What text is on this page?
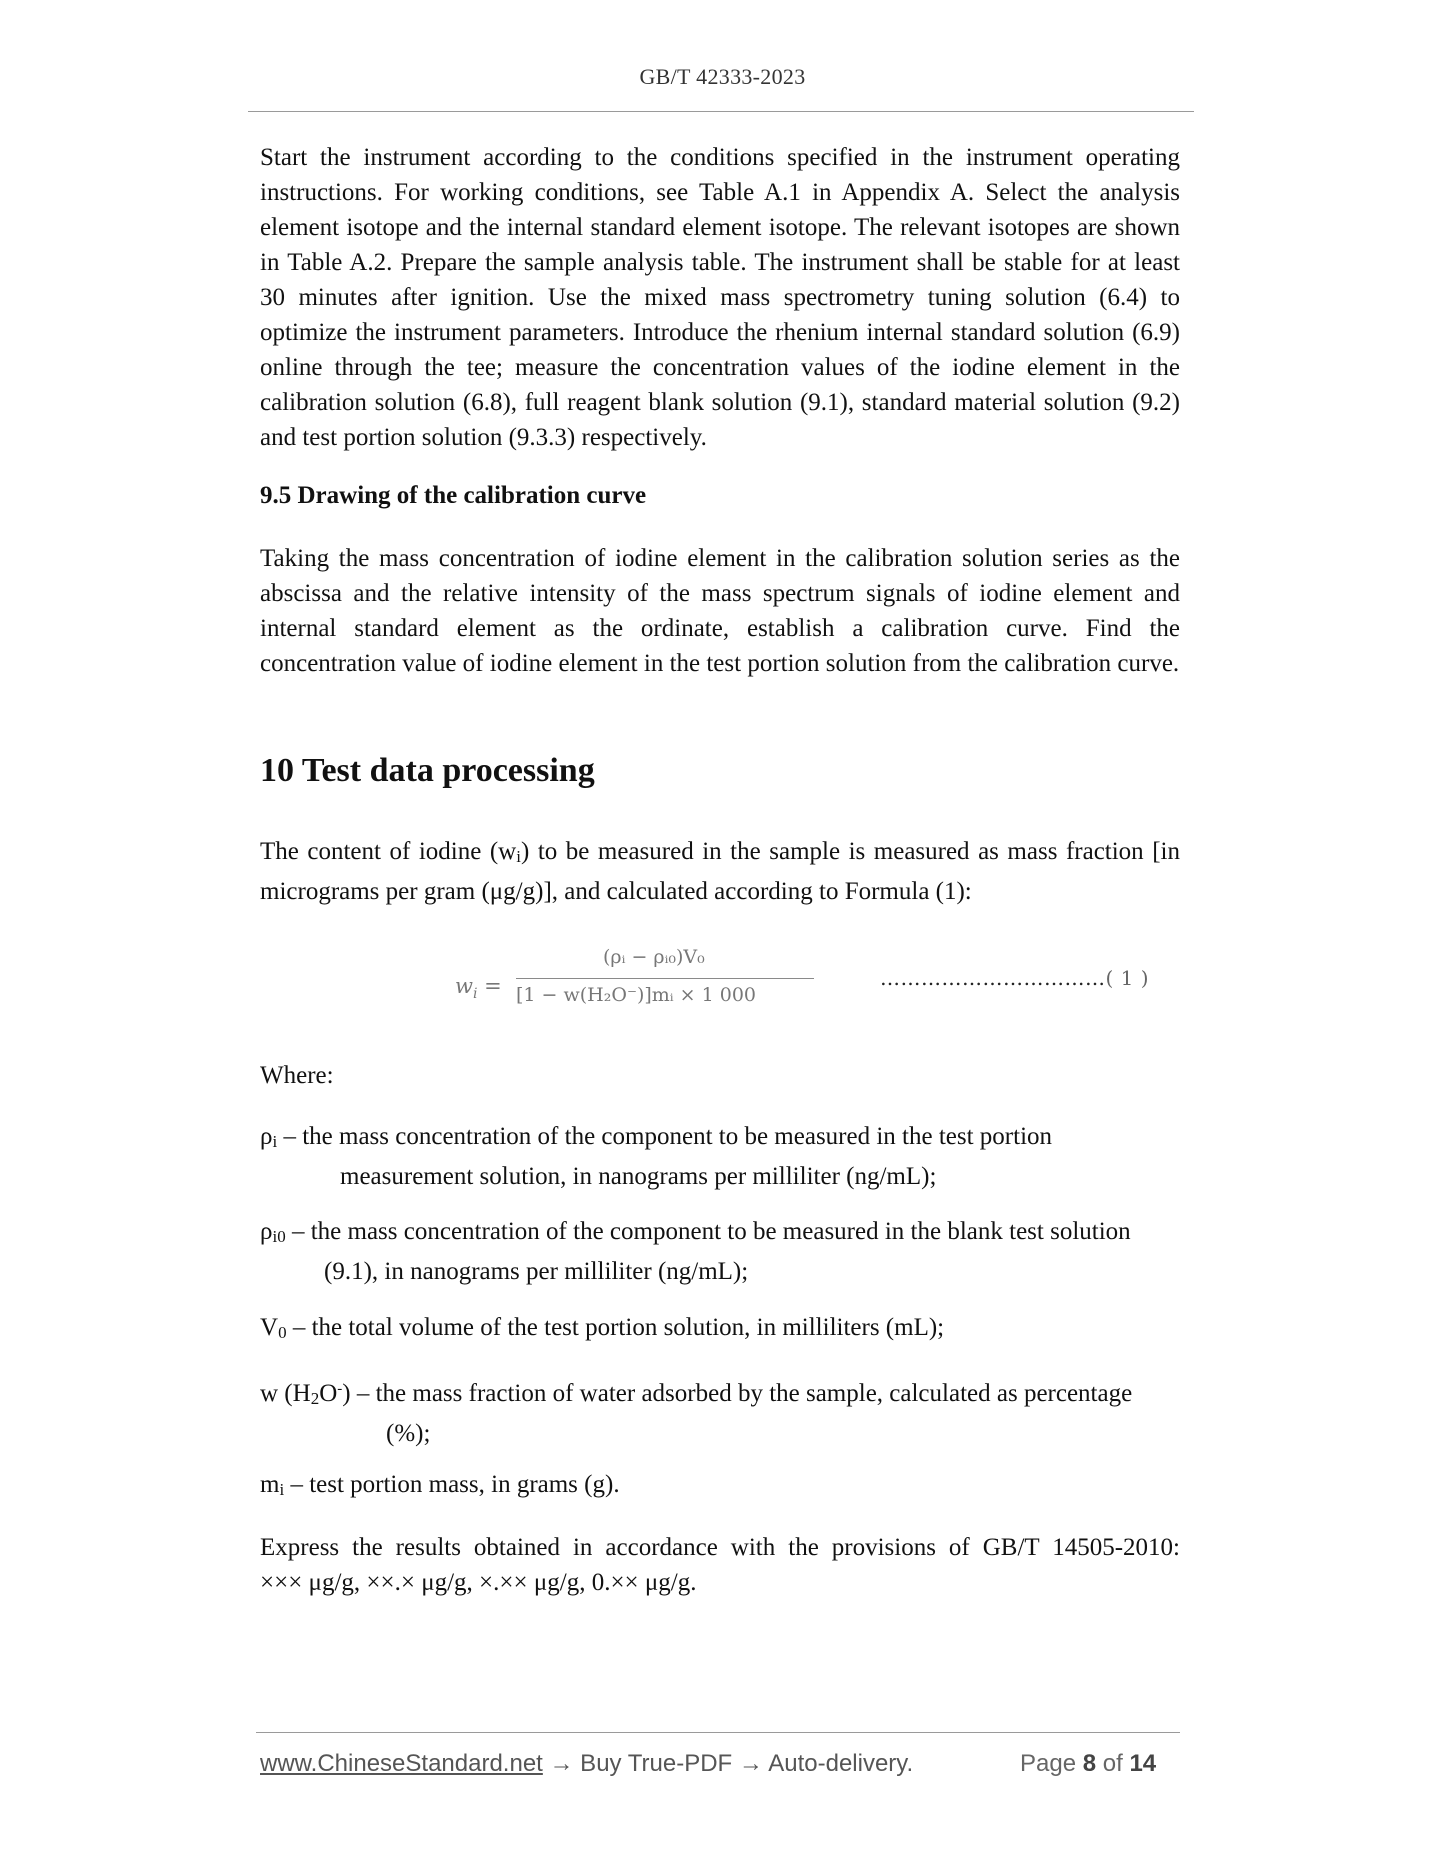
GB/T 42333-2023

Start the instrument according to the conditions specified in the instrument operating instructions. For working conditions, see Table A.1 in Appendix A. Select the analysis element isotope and the internal standard element isotope. The relevant isotopes are shown in Table A.2. Prepare the sample analysis table. The instrument shall be stable for at least 30 minutes after ignition. Use the mixed mass spectrometry tuning solution (6.4) to optimize the instrument parameters. Introduce the rhenium internal standard solution (6.9) online through the tee; measure the concentration values of the iodine element in the calibration solution (6.8), full reagent blank solution (9.1), standard material solution (9.2) and test portion solution (9.3.3) respectively.

9.5 Drawing of the calibration curve

Taking the mass concentration of iodine element in the calibration solution series as the abscissa and the relative intensity of the mass spectrum signals of iodine element and internal standard element as the ordinate, establish a calibration curve. Find the concentration value of iodine element in the test portion solution from the calibration curve.

10 Test data processing

The content of iodine $(w_i)$ to be measured in the sample is measured as mass fraction [in micrograms per gram (μg/g)], and calculated according to Formula (1):

$w_i$ =
(ρᵢ − ρᵢ₀)V₀
[1 − w(H₂O⁻)]mᵢ × 1 000
……………………………( 1 )

Where:

$\rho_i$ – the mass concentration of the component to be measured in the test portion
measurement solution, in nanograms per milliliter (ng/mL);

$\rho_{i0}$ – the mass concentration of the component to be measured in the blank test solution
(9.1), in nanograms per milliliter (ng/mL);

$V_0$ – the total volume of the test portion solution, in milliliters (mL);

w $(H_2O^-)$ – the mass fraction of water adsorbed by the sample, calculated as percentage
(%);

$m_i$ – test portion mass, in grams (g).

Express the results obtained in accordance with the provisions of GB/T 14505-2010:
××× μg/g, ××.× μg/g, ×.×× μg/g, 0.×× μg/g.

www.ChineseStandard.net → Buy True-PDF → Auto-delivery.	Page 8 of 14
